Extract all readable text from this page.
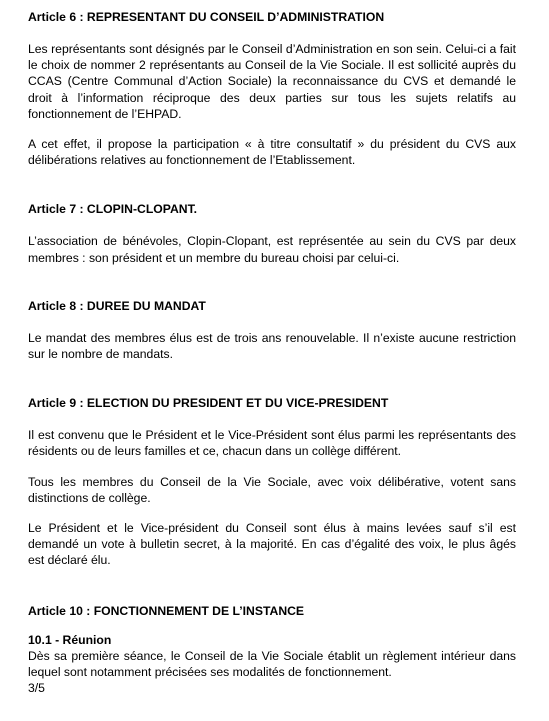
Article 6 : REPRESENTANT DU CONSEIL D’ADMINISTRATION

Les représentants sont désignés par le Conseil d’Administration en son sein. Celui-ci a fait le choix de nommer 2 représentants au Conseil de la Vie Sociale. Il est sollicité auprès du CCAS (Centre Communal d’Action Sociale) la reconnaissance du CVS et demandé le droit à l’information réciproque des deux parties sur tous les sujets relatifs au fonctionnement de l’EHPAD.

A cet effet, il propose la participation « à titre consultatif » du président du CVS aux délibérations relatives au fonctionnement de l’Etablissement.

Article 7 : CLOPIN-CLOPANT.

L’association de bénévoles, Clopin-Clopant, est représentée au sein du CVS par deux membres : son président et un membre du bureau choisi par celui-ci.

Article 8 : DUREE DU MANDAT

Le mandat des membres élus est de trois ans renouvelable. Il n’existe aucune restriction sur le nombre de mandats.

Article 9 : ELECTION DU PRESIDENT ET DU VICE-PRESIDENT

Il est convenu que le Président et le Vice-Président sont élus parmi les représentants des résidents ou de leurs familles et ce, chacun dans un collège différent.

Tous les membres du Conseil de la Vie Sociale, avec voix délibérative, votent sans distinctions de collège.

Le Président et le Vice-président du Conseil sont élus à mains levées sauf s’il est demandé un vote à bulletin secret, à la majorité. En cas d’égalité des voix, le plus âgés est déclaré élu.

Article 10 : FONCTIONNEMENT DE L’INSTANCE

10.1 - Réunion

Dès sa première séance, le Conseil de la Vie Sociale établit un règlement intérieur dans lequel sont notamment précisées ses modalités de fonctionnement.

3/5
